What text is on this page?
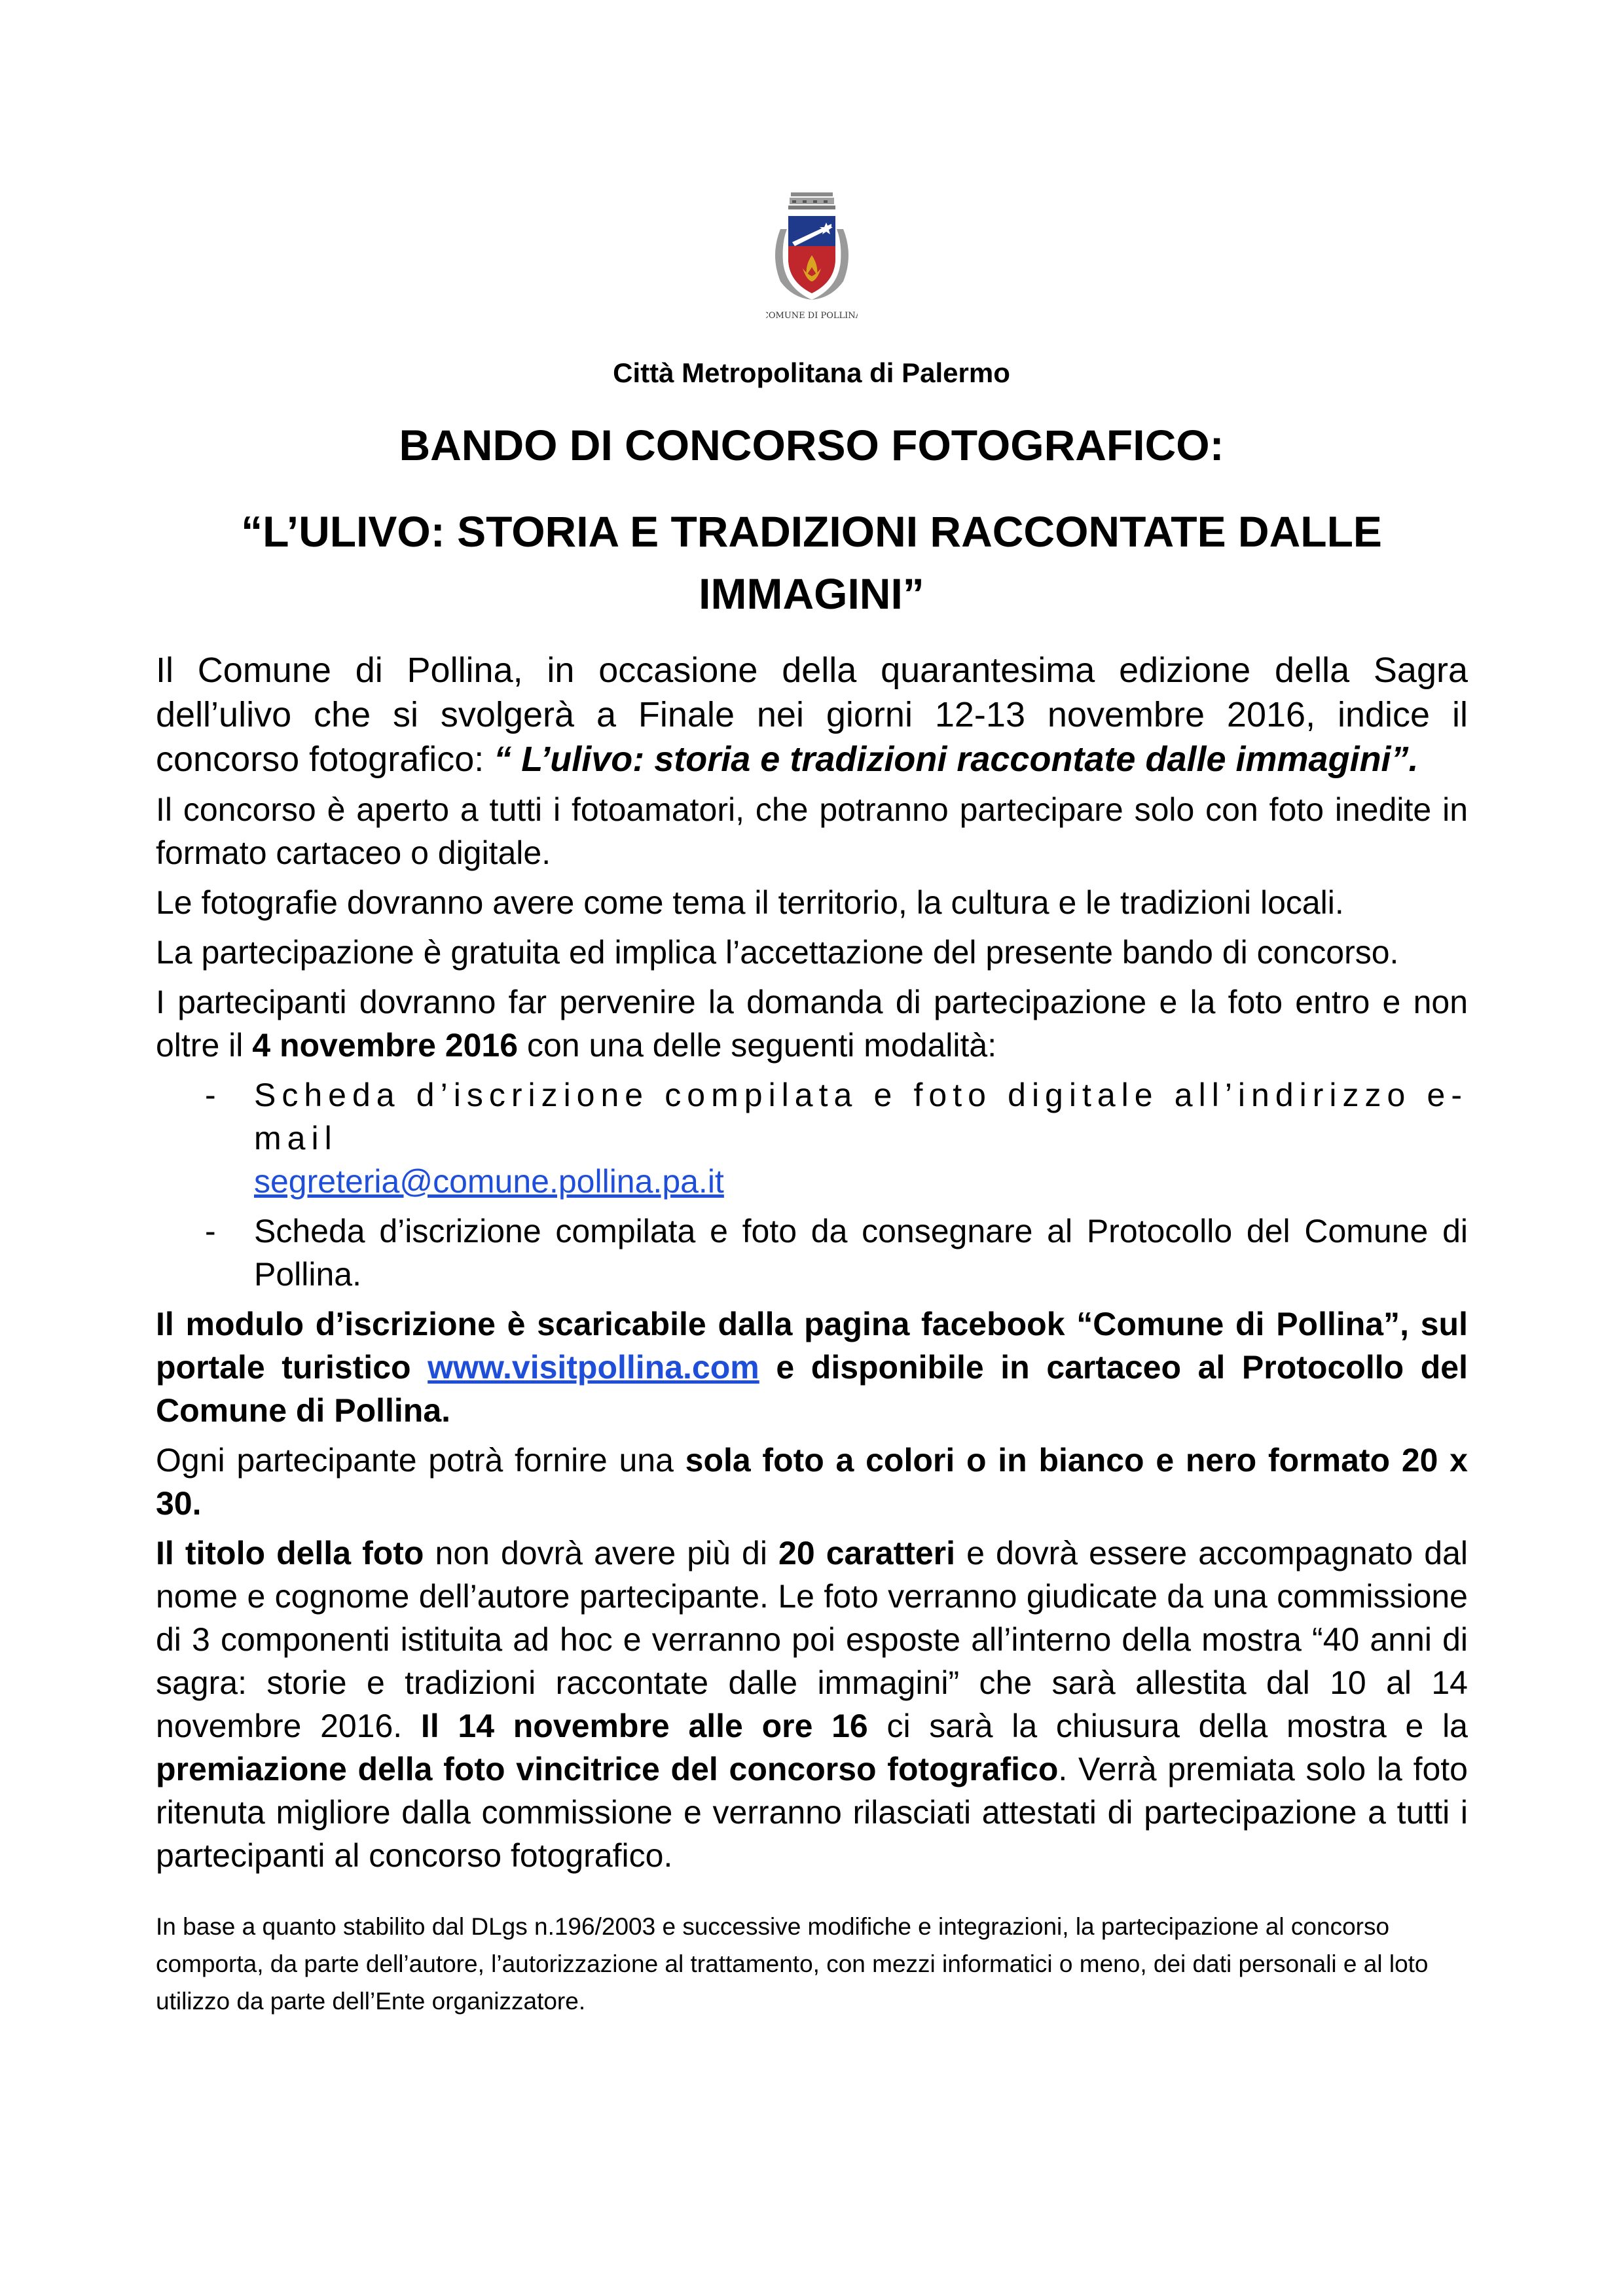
COMUNE DI POLLINA
Città Metropolitana di Palermo
BANDO DI CONCORSO FOTOGRAFICO:
“L’ULIVO: STORIA E TRADIZIONI RACCONTATE DALLE IMMAGINI”

Il Comune di Pollina, in occasione della quarantesima edizione della Sagra dell’ulivo che si svolgerà a Finale nei giorni 12-13 novembre 2016, indice il concorso fotografico: “ L’ulivo: storia e tradizioni raccontate dalle immagini”.

Il concorso è aperto a tutti i fotoamatori, che potranno partecipare solo con foto inedite in formato cartaceo o digitale.

Le fotografie dovranno avere come tema il territorio, la cultura e le tradizioni locali.

La partecipazione è gratuita ed implica l’accettazione del presente bando di concorso.

I partecipanti dovranno far pervenire la domanda di partecipazione e la foto entro e non oltre il 4 novembre 2016 con una delle seguenti modalità:

- Scheda d’iscrizione compilata e foto digitale all’indirizzo e-mail
segreteria@comune.pollina.pa.it
- Scheda d’iscrizione compilata e foto da consegnare al Protocollo del Comune di Pollina.

Il modulo d’iscrizione è scaricabile dalla pagina facebook “Comune di Pollina”, sul portale turistico www.visitpollina.com e disponibile in cartaceo al Protocollo del Comune di Pollina.

Ogni partecipante potrà fornire una sola foto a colori o in bianco e nero formato 20 x 30.

Il titolo della foto non dovrà avere più di 20 caratteri e dovrà essere accompagnato dal nome e cognome dell’autore partecipante. Le foto verranno giudicate da una commissione di 3 componenti istituita ad hoc e verranno poi esposte all’interno della mostra “40 anni di sagra: storie e tradizioni raccontate dalle immagini” che sarà allestita dal 10 al 14 novembre 2016. Il 14 novembre alle ore 16 ci sarà la chiusura della mostra e la premiazione della foto vincitrice del concorso fotografico. Verrà premiata solo la foto ritenuta migliore dalla commissione e verranno rilasciati attestati di partecipazione a tutti i partecipanti al concorso fotografico.

In base a quanto stabilito dal DLgs n.196/2003 e successive modifiche e integrazioni, la partecipazione al concorso comporta, da parte dell’autore, l’autorizzazione al trattamento, con mezzi informatici o meno, dei dati personali e al loto utilizzo da parte dell’Ente organizzatore.
